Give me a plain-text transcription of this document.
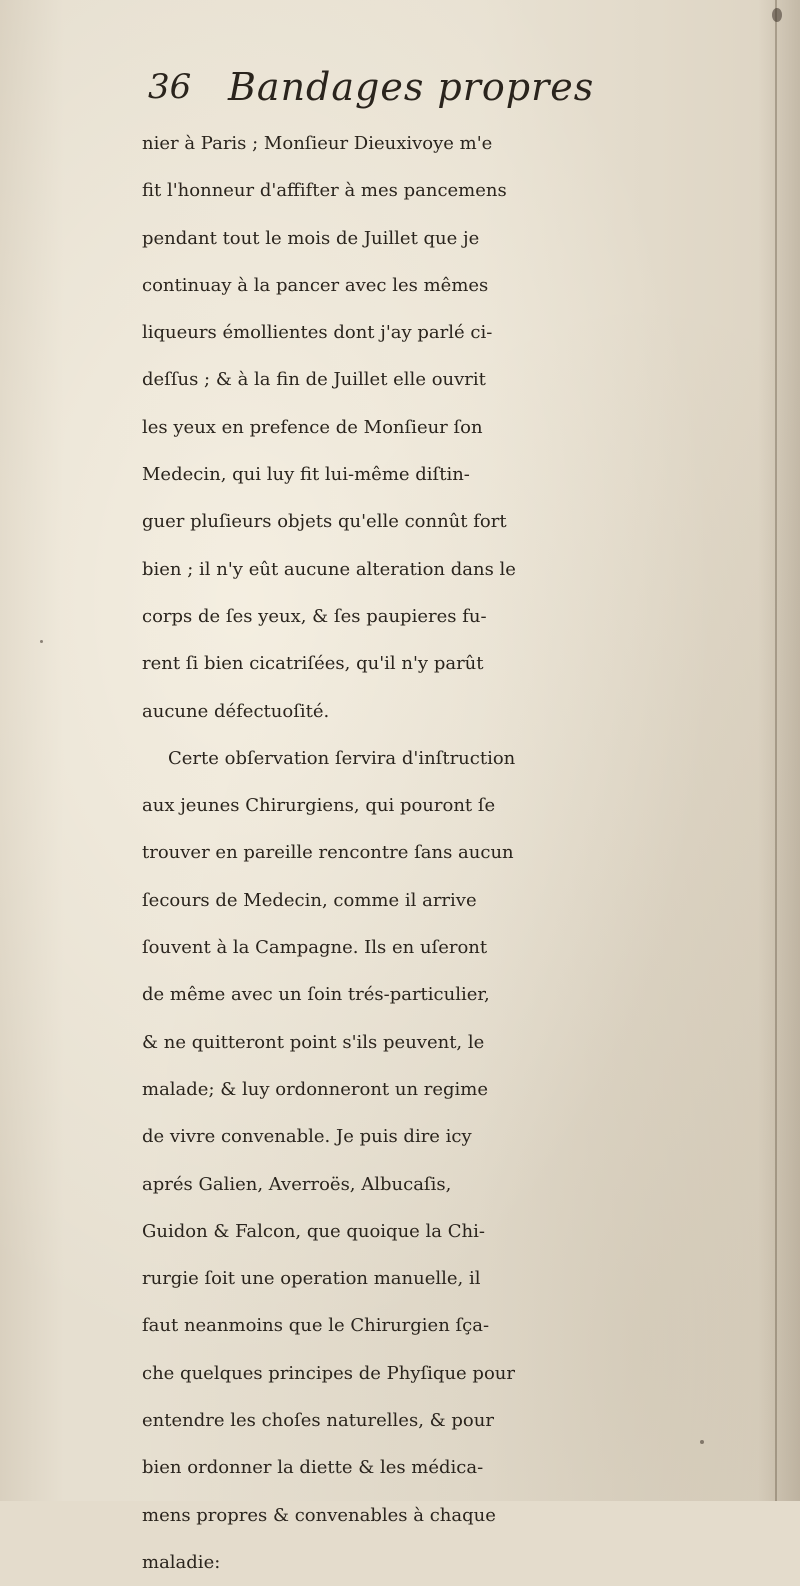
36 Bandages propres
nier à Paris ; Monſieur Dieuxivoye m'e
fit l'honneur d'affifter à mes pancemens
pendant tout le mois de Juillet que je
continuay à la pancer avec les mêmes
liqueurs émollientes dont j'ay parlé ci-
deſſus ; & à la fin de Juillet elle ouvrit
les yeux en prefence de Monſieur ſon
Medecin, qui luy fit lui-même diſtin-
guer pluſieurs objets qu'elle connût fort
bien ; il n'y eût aucune alteration dans le
corps de ſes yeux, & ſes paupieres fu-
rent ſi bien cicatriſées, qu'il n'y parût
aucune défectuoſité.
Certe obſervation ſervira d'inſtruction
aux jeunes Chirurgiens, qui pouront ſe
trouver en pareille rencontre ſans aucun
ſecours de Medecin, comme il arrive
ſouvent à la Campagne. Ils en uſeront
de même avec un ſoin trés-particulier,
& ne quitteront point s'ils peuvent, le
malade; & luy ordonneront un regime
de vivre convenable. Je puis dire icy
aprés Galien, Averroës, Albucaſis,
Guidon & Falcon, que quoique la Chi-
rurgie ſoit une operation manuelle, il
faut neanmoins que le Chirurgien ſça-
che quelques principes de Phyſique pour
entendre les choſes naturelles, & pour
bien ordonner la diette & les médica-
mens propres & convenables à chaque
maladie:
